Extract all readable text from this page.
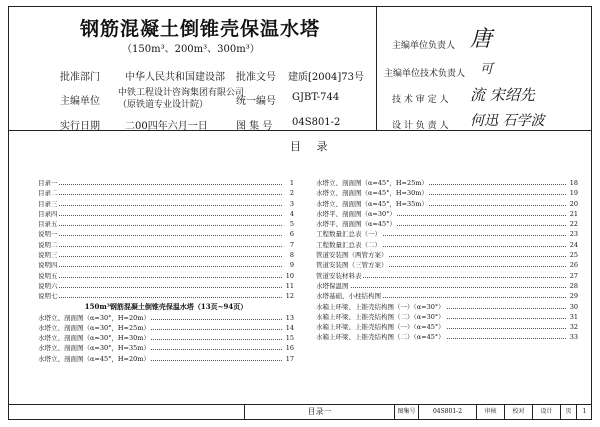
钢筋混凝土倒锥壳保温水塔
（150m³、200m³、300m³）
批准部门	中华人民共和国建设部 批准文号 建质[2004]73号
主编单位
中铁工程设计咨询集团有限公司
（原铁道专业设计院）	统一编号 GJBT-744
实行日期	二00四年六月一日	图 集 号 04S801-2
主编单位负责人 唐
主编单位技术负责人 可
技 术 审 定 人 流 宋绍先
设 计 负 责 人 何迅 石学波
目 录
目录一	1
目录二	2
目录三	3
目录四	4
目录五	5
说明一	6
说明二	7
说明三	8
说明四	9
说明五	10
说明六	11
说明七	12
150m³钢筋混凝土倒锥壳保温水塔（13页~94页）
水塔立、剖面图（α=30°，H=20m）	13
水塔立、剖面图（α=30°，H=25m）	14
水塔立、剖面图（α=30°，H=30m）	15
水塔立、剖面图（α=30°，H=35m）	16
水塔立、剖面图（α=45°，H=20m）	17
水塔立、剖面图（α=45°，H=25m）	18
水塔立、剖面图（α=45°，H=30m）	19
水塔立、剖面图（α=45°，H=35m）	20
水塔平、剖面图（α=30°）	21
水塔平、剖面图（α=45°）	22
工程数量汇总表（一）	23
工程数量汇总表（二）	24
管道安装图（两管方案）	25
管道安装图（三管方案）	26
管道安装材料表	27
水塔保温图	28
水塔基础、小柱结构图	29
水箱上环梁、上锥壳结构图（一）（α=30°）	30
水箱上环梁、上锥壳结构图（二）（α=30°）	31
水箱上环梁、上锥壳结构图（一）（α=45°）	32
水箱上环梁、上锥壳结构图（二）（α=45°）	33
目录一	图集号	04S801-2	审核	校对	设计	页	1
